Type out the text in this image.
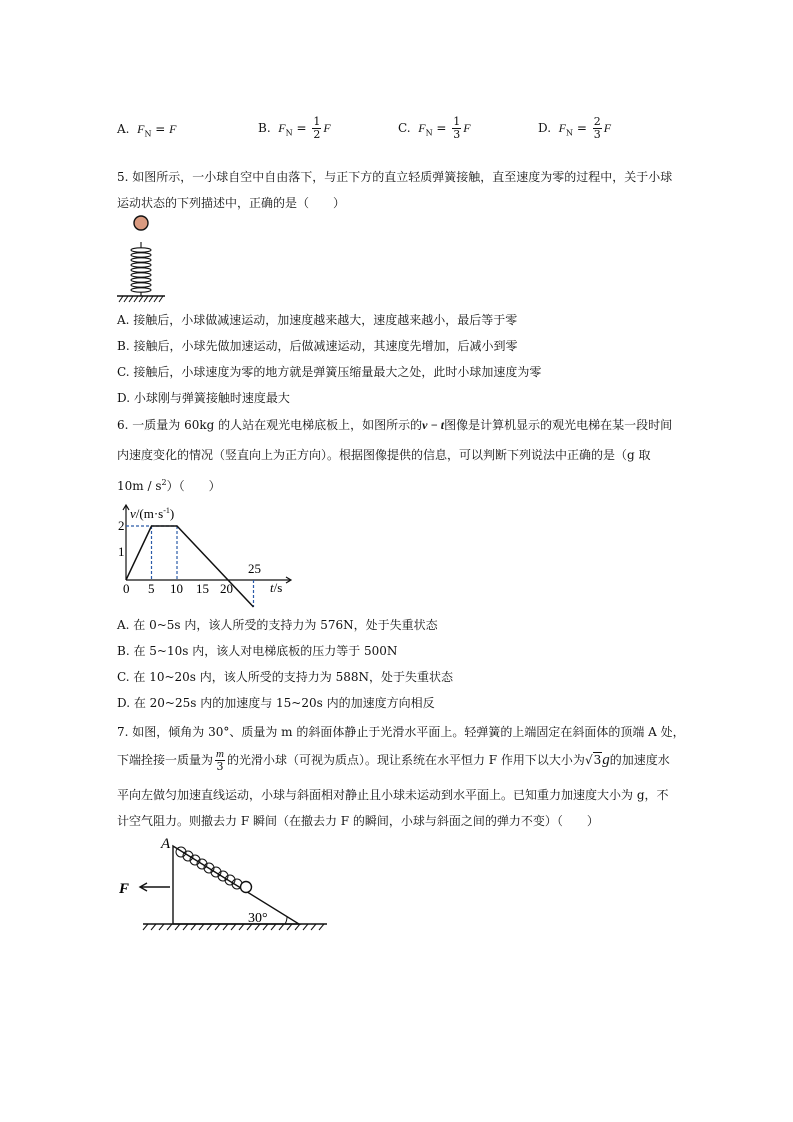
A. $F_N = F$	B. $F_N = \frac{1}{2}$ F	C. $F_N = \frac{1}{3}$ F	D. $F_N = \frac{2}{3}$ F
5. 如图所示，一小球自空中自由落下，与正下方的直立轻质弹簧接触，直至速度为零的过程中，关于小球
运动状态的下列描述中，正确的是（　　）
A. 接触后，小球做减速运动，加速度越来越大，速度越来越小，最后等于零
B. 接触后，小球先做加速运动，后做减速运动，其速度先增加，后减小到零
C. 接触后，小球速度为零的地方就是弹簧压缩量最大之处，此时小球加速度为零
D. 小球刚与弹簧接触时速度最大
6. 一质量为 60kg 的人站在观光电梯底板上，如图所示的v − t图像是计算机显示的观光电梯在某一段时间
内速度变化的情况（竖直向上为正方向）。根据图像提供的信息，可以判断下列说法中正确的是（g 取
$10m / s^2$）（　　）
$v/(m\cdot s^{-1})$
2
1
0 5 10 15 20
25
t/s
A. 在 0~5s 内，该人所受的支持力为 576N，处于失重状态
B. 在 5~10s 内，该人对电梯底板的压力等于 500N
C. 在 10~20s 内，该人所受的支持力为 588N，处于失重状态
D. 在 20~25s 内的加速度与 15~20s 内的加速度方向相反
7. 如图，倾角为 30°、质量为 m 的斜面体静止于光滑水平面上。轻弹簧的上端固定在斜面体的顶端 A 处，
下端拴接一质量为 $\frac{m}{3}$ 的光滑小球（可视为质点）。现让系统在水平恒力 F 作用下以大小为√3g的加速度水
平向左做匀加速直线运动，小球与斜面相对静止且小球未运动到水平面上。已知重力加速度大小为 g，不
计空气阻力。则撤去力 F 瞬间（在撤去力 F 的瞬间，小球与斜面之间的弹力不变）（　　）
A
F
30°
